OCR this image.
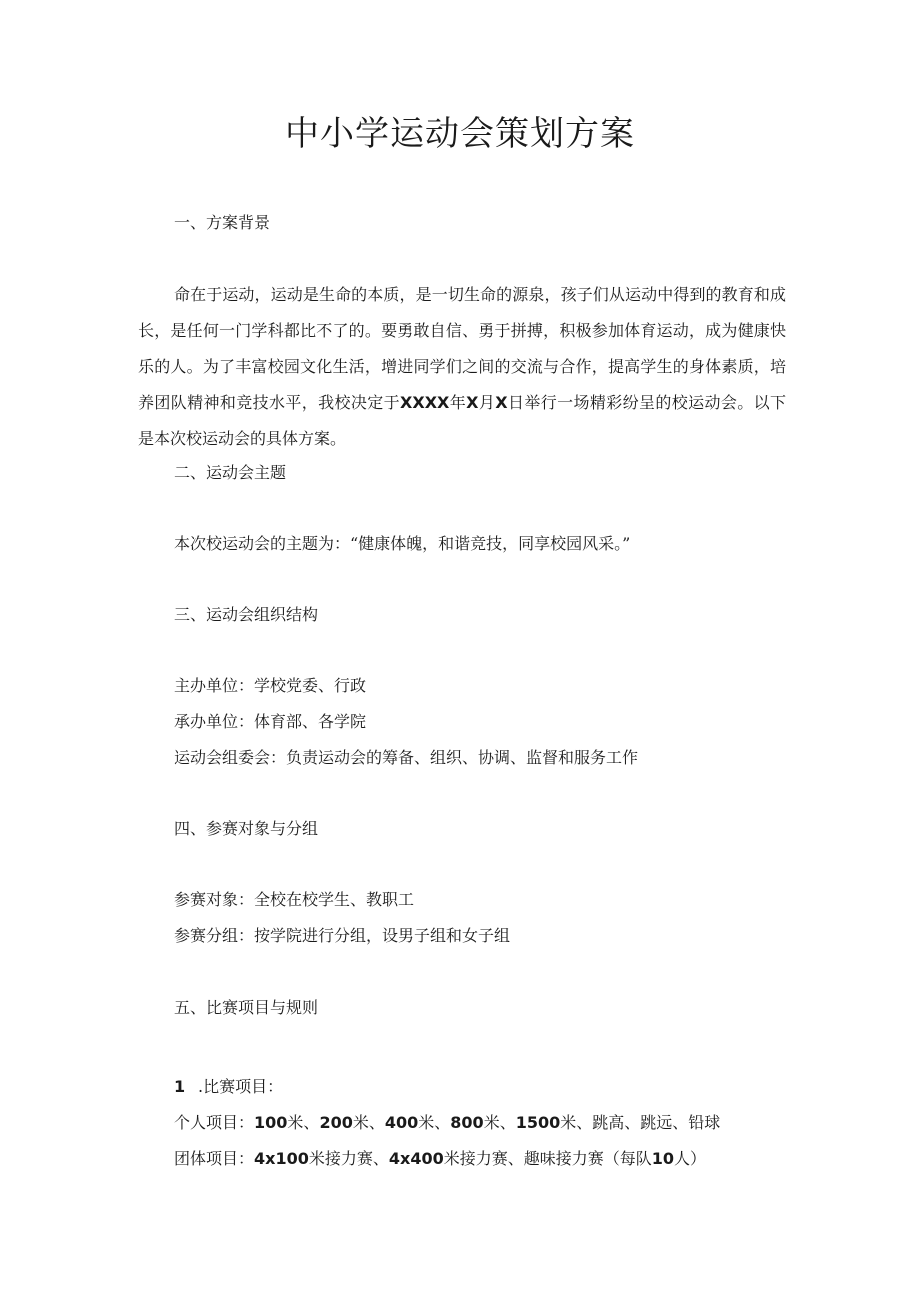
中小学运动会策划方案

一、方案背景

命在于运动，运动是生命的本质，是一切生命的源泉，孩子们从运动中得到的教育和成长，是任何一门学科都比不了的。要勇敢自信、勇于拼搏，积极参加体育运动，成为健康快乐的人。为了丰富校园文化生活，增进同学们之间的交流与合作，提高学生的身体素质，培养团队精神和竞技水平，我校决定于XXXX年X月X日举行一场精彩纷呈的校运动会。以下是本次校运动会的具体方案。

二、运动会主题

本次校运动会的主题为：“健康体魄，和谐竞技，同享校园风采。”

三、运动会组织结构

主办单位：学校党委、行政

承办单位：体育部、各学院

运动会组委会：负责运动会的筹备、组织、协调、监督和服务工作

四、参赛对象与分组

参赛对象：全校在校学生、教职工

参赛分组：按学院进行分组，设男子组和女子组

五、比赛项目与规则

1 .比赛项目：

个人项目：100米、200米、400米、800米、1500米、跳高、跳远、铅球

团体项目：4x100米接力赛、4x400米接力赛、趣味接力赛（每队10人）
